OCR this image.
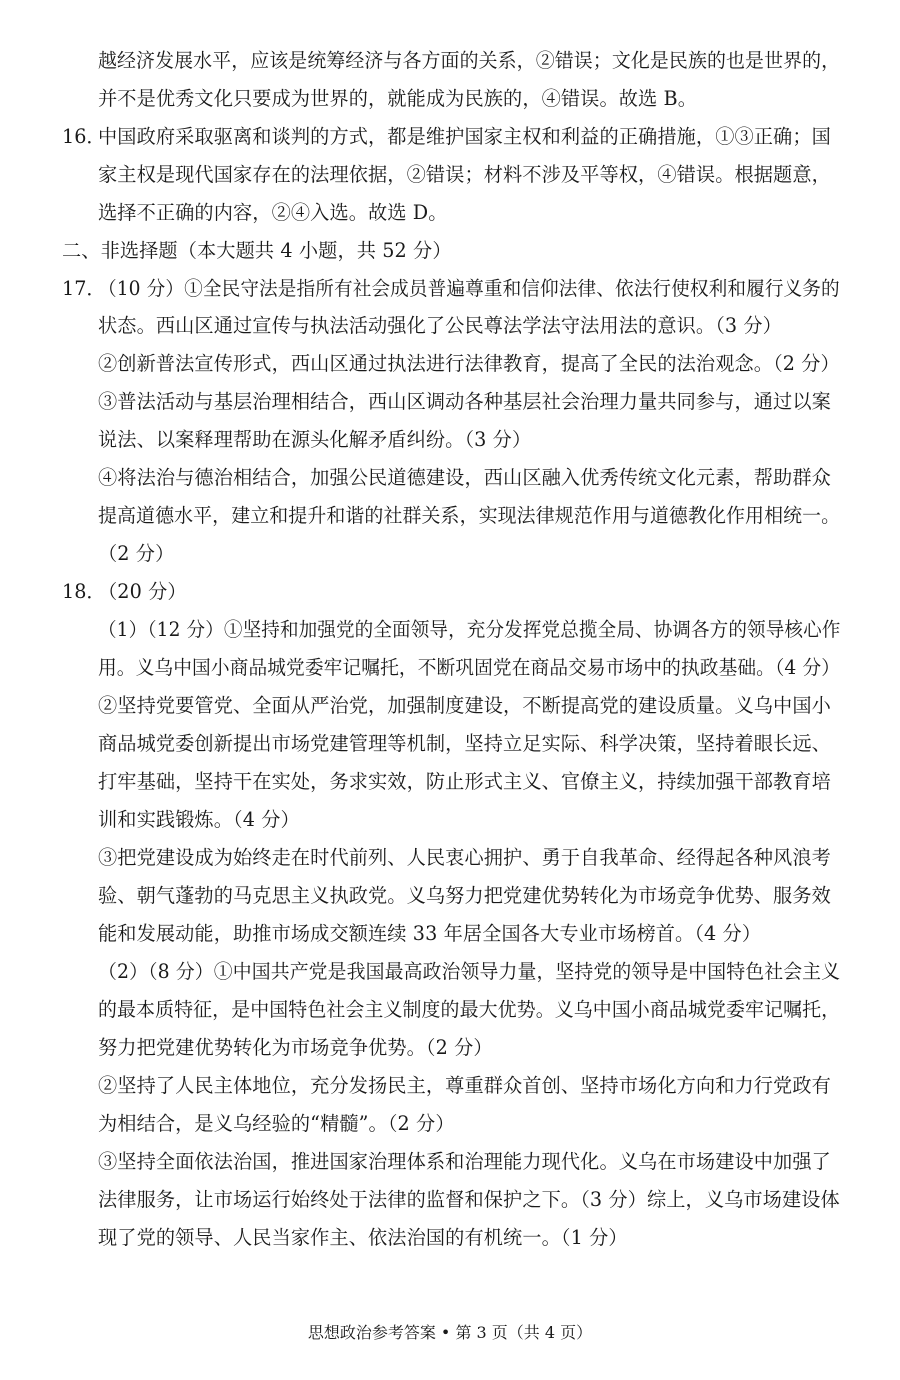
越经济发展水平，应该是统筹经济与各方面的关系，②错误；文化是民族的也是世界的，
并不是优秀文化只要成为世界的，就能成为民族的，④错误。故选 B。
16．
中国政府采取驱离和谈判的方式，都是维护国家主权和利益的正确措施，①③正确；国
家主权是现代国家存在的法理依据，②错误；材料不涉及平等权，④错误。根据题意，
选择不正确的内容，②④入选。故选 D。
二、非选择题（本大题共 4 小题，共 52 分）
17．
（10 分）①全民守法是指所有社会成员普遍尊重和信仰法律、依法行使权利和履行义务的
状态。西山区通过宣传与执法活动强化了公民尊法学法守法用法的意识。（3 分）
②创新普法宣传形式，西山区通过执法进行法律教育，提高了全民的法治观念。（2 分）
③普法活动与基层治理相结合，西山区调动各种基层社会治理力量共同参与，通过以案
说法、以案释理帮助在源头化解矛盾纠纷。（3 分）
④将法治与德治相结合，加强公民道德建设，西山区融入优秀传统文化元素，帮助群众
提高道德水平，建立和提升和谐的社群关系，实现法律规范作用与道德教化作用相统一。
（2 分）
18．
（20 分）
（1）（12 分）①坚持和加强党的全面领导，充分发挥党总揽全局、协调各方的领导核心作
用。义乌中国小商品城党委牢记嘱托，不断巩固党在商品交易市场中的执政基础。（4 分）
②坚持党要管党、全面从严治党，加强制度建设，不断提高党的建设质量。义乌中国小
商品城党委创新提出市场党建管理等机制，坚持立足实际、科学决策，坚持着眼长远、
打牢基础，坚持干在实处，务求实效，防止形式主义、官僚主义，持续加强干部教育培
训和实践锻炼。（4 分）
③把党建设成为始终走在时代前列、人民衷心拥护、勇于自我革命、经得起各种风浪考
验、朝气蓬勃的马克思主义执政党。义乌努力把党建优势转化为市场竞争优势、服务效
能和发展动能，助推市场成交额连续 33 年居全国各大专业市场榜首。（4 分）
（2）（8 分）①中国共产党是我国最高政治领导力量，坚持党的领导是中国特色社会主义
的最本质特征，是中国特色社会主义制度的最大优势。义乌中国小商品城党委牢记嘱托，
努力把党建优势转化为市场竞争优势。（2 分）
②坚持了人民主体地位，充分发扬民主，尊重群众首创、坚持市场化方向和力行党政有
为相结合，是义乌经验的“精髓”。（2 分）
③坚持全面依法治国，推进国家治理体系和治理能力现代化。义乌在市场建设中加强了
法律服务，让市场运行始终处于法律的监督和保护之下。（3 分）综上，义乌市场建设体
现了党的领导、人民当家作主、依法治国的有机统一。（1 分）
思想政治参考答案 • 第 3 页（共 4 页）
